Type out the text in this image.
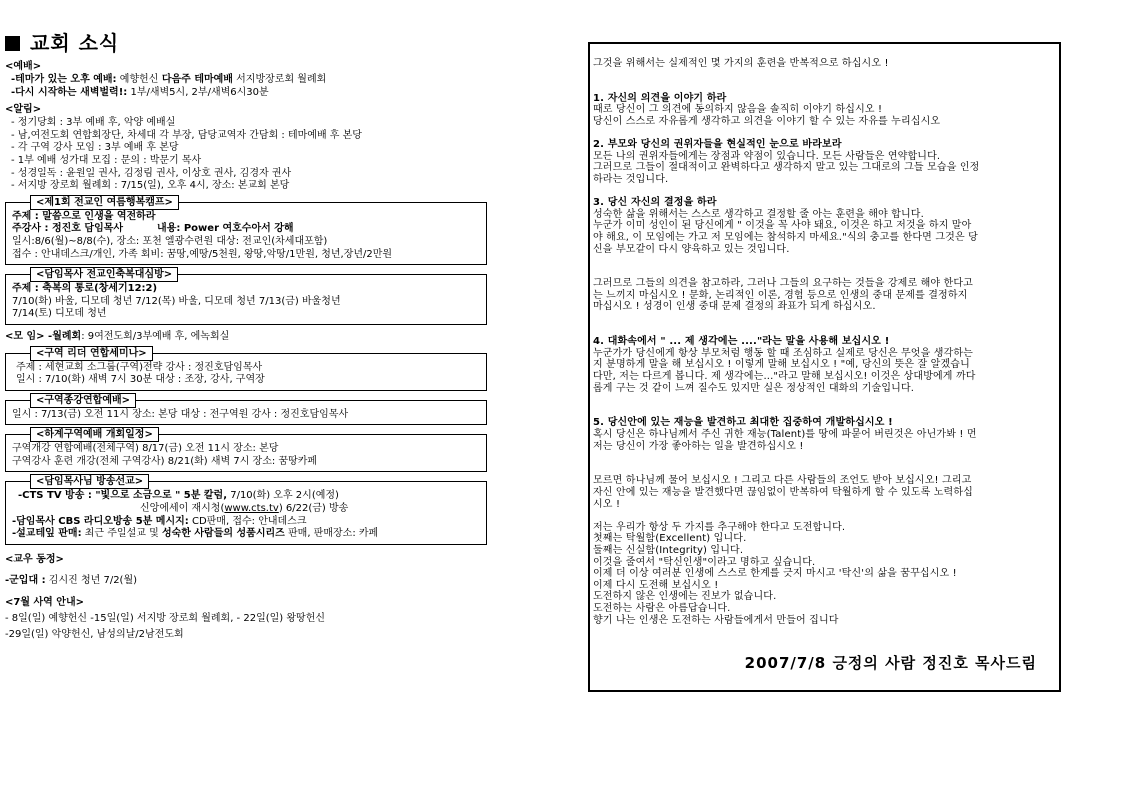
교회 소식
<예배>
-테마가 있는 오후 예배: 예향헌신 다음주 테마예배 서지방장로회 월례회
-다시 시작하는 새벽벌력!: 1부/새벽5시, 2부/새벽6시30분
<알림>
- 정기당회 : 3부 예배 후, 악양 예배실
- 남,여전도회 연합회장단, 차세대 각 부장, 담당교역자 간담회 : 테마예배 후 본당
- 각 구역 강사 모임 : 3부 예배 후 본당
- 1부 예배 성가대 모집 : 문의 : 박문기 목사
- 성경일독 : 윤원일 권사, 김정림 권사, 이상호 권사, 김경자 권사
- 서지방 장로회 월례회 : 7/15(일), 오후 4시, 장소: 본교회 본당
<제1회 전교인 여름행복캠프>
주제 : 말씀으로 인생을 역전하라
주강사 : 정진호 담임목사	내용: Power 여호수아서 강해
일시:8/6(월)~8/8(수), 장소: 포천 엘광수련원 대상: 전교인(차세대포함)
접수 : 안내데스크/개인, 가족 회비: 꿈땅,예땅/5천원, 왕땅,악땅/1만원, 청년,장년/2만원
<담임목사 전교인축복대심방>
주제 : 축복의 통로(창세기12:2)
7/10(화) 바울, 디모데 청년 7/12(목) 바울, 디모데 청년 7/13(금) 바울청년
7/14(토) 디모데 청년
<모 임> -월례회: 9여전도회/3부예배 후, 에녹회실
<구역 리더 연합세미나>
주제 : 세현교회 소그룹(구역)전략 강사 : 정진호담임목사
일시 : 7/10(화) 새벽 7시 30분 대상 : 조장, 강사, 구역장
<구역종강연합예배>
일시 : 7/13(금) 오전 11시 장소: 본당 대상 : 전구역원 강사 : 정진호담임목사
<하계구역예배 개회일정>
구역개강 연합예배(전체구역) 8/17(금) 오전 11시 장소: 본당
구역강사 훈련 개강(전체 구역강사) 8/21(화) 새벽 7시 장소: 꿈땅카페
<담임목사님 방송선교>
-CTS TV 방송 : "빛으로 소금으로 " 5분 칼럼, 7/10(화) 오후 2시(예정)
신앙에세이 재시청(www.cts.tv) 6/22(금) 방송
-담임목사 CBS 라디오방송 5분 메시지: CD판매, 접수: 안내데스크
-설교테잎 판매: 최근 주일설교 및 성숙한 사람들의 성품시리즈 판매, 판매장소: 카페
<교우 동정>
-군입대 : 김시진 청년 7/2(월)
<7월 사역 안내>
- 8일(일) 예향헌신 -15일(일) 서지방 장로회 월례회, - 22일(일) 왕땅헌신
-29일(일) 악양헌신, 남성의날/2남전도회
그것을 위해서는 실제적인 몇 가지의 훈련을 반복적으로 하십시오 !
1. 자신의 의견을 이야기 하라
때로 당신이 그 의견에 동의하지 않음을 솔직히 이야기 하십시오 !
당신이 스스로 자유롭게 생각하고 의견을 이야기 할 수 있는 자유를 누리십시오
2. 부모와 당신의 권위자들을 현실적인 눈으로 바라보라
모든 나의 권위자들에게는 장점과 약점이 있습니다. 모든 사람들은 연약합니다.
그러므로 그들이 절대적이고 완벽하다고 생각하지 말고 있는 그대로의 그들 모습을 인정
하라는 것입니다.
3. 당신 자신의 결정을 하라
성숙한 삶을 위해서는 스스로 생각하고 결정할 줄 아는 훈련을 해야 합니다.
누군가 이미 성인이 된 당신에게 " 이것을 꼭 사야 돼요, 이것은 하고 저것을 하지 말아
야 해요, 이 모임에는 가고 저 모임에는 참석하지 마세요."식의 충고를 한다면 그것은 당
신을 부모같이 다시 양육하고 있는 것입니다.
그러므로 그들의 의견을 참고하라, 그러나 그들의 요구하는 것들을 강제로 해야 한다고
는 느끼지 마십시오 ! 문화, 논리적인 이론, 경험 등으로 인생의 중대 문제를 결정하지
마십시오 ! 성경이 인생 중대 문제 결정의 좌표가 되게 하십시오.
4. 대화속에서 " ... 제 생각에는 ...."라는 말을 사용해 보십시오 !
누군가가 당신에게 항상 부모처럼 행동 할 때 조심하고 실제로 당신은 무엇을 생각하는
지 분명하게 말을 해 보십시오 ! 이렇게 말해 보십시오 ! "예, 당신의 뜻은 잘 알겠습니
다만, 저는 다르게 봅니다. 제 생각에는..."라고 말해 보십시오! 이것은 상대방에게 까다
롭게 구는 것 같이 느껴 질수도 있지만 실은 정상적인 대화의 기술입니다.
5. 당신안에 있는 재능을 발견하고 최대한 집중하여 개발하십시오 !
혹시 당신은 하나님께서 주신 귀한 재능(Talent)를 땅에 파묻어 버린것은 아닌가봐 ! 먼
저는 당신이 가장 좋아하는 일을 발견하십시오 !
모르면 하나님께 물어 보십시오 ! 그리고 다른 사람들의 조언도 받아 보십시오! 그리고
자신 안에 있는 재능을 발견했다면 끊임없이 반복하여 탁월하게 할 수 있도록 노력하십
시오 !
저는 우리가 항상 두 가지를 추구해야 한다고 도전합니다.
첫째는 탁월함(Excellent) 입니다.
둘째는 신실함(Integrity) 입니다.
이것을 줄여서 "탁신인생"이라고 명하고 싶습니다.
이제 더 이상 여러분 인생에 스스로 한계를 긋지 마시고 '탁신'의 삶을 꿈꾸십시오 !
이제 다시 도전해 보십시오 !
도전하지 않은 인생에는 진보가 없습니다.
도전하는 사람은 아름답습니다.
향기 나는 인생은 도전하는 사람들에게서 만들어 집니다
2007/7/8 긍정의 사람 정진호 목사드림
